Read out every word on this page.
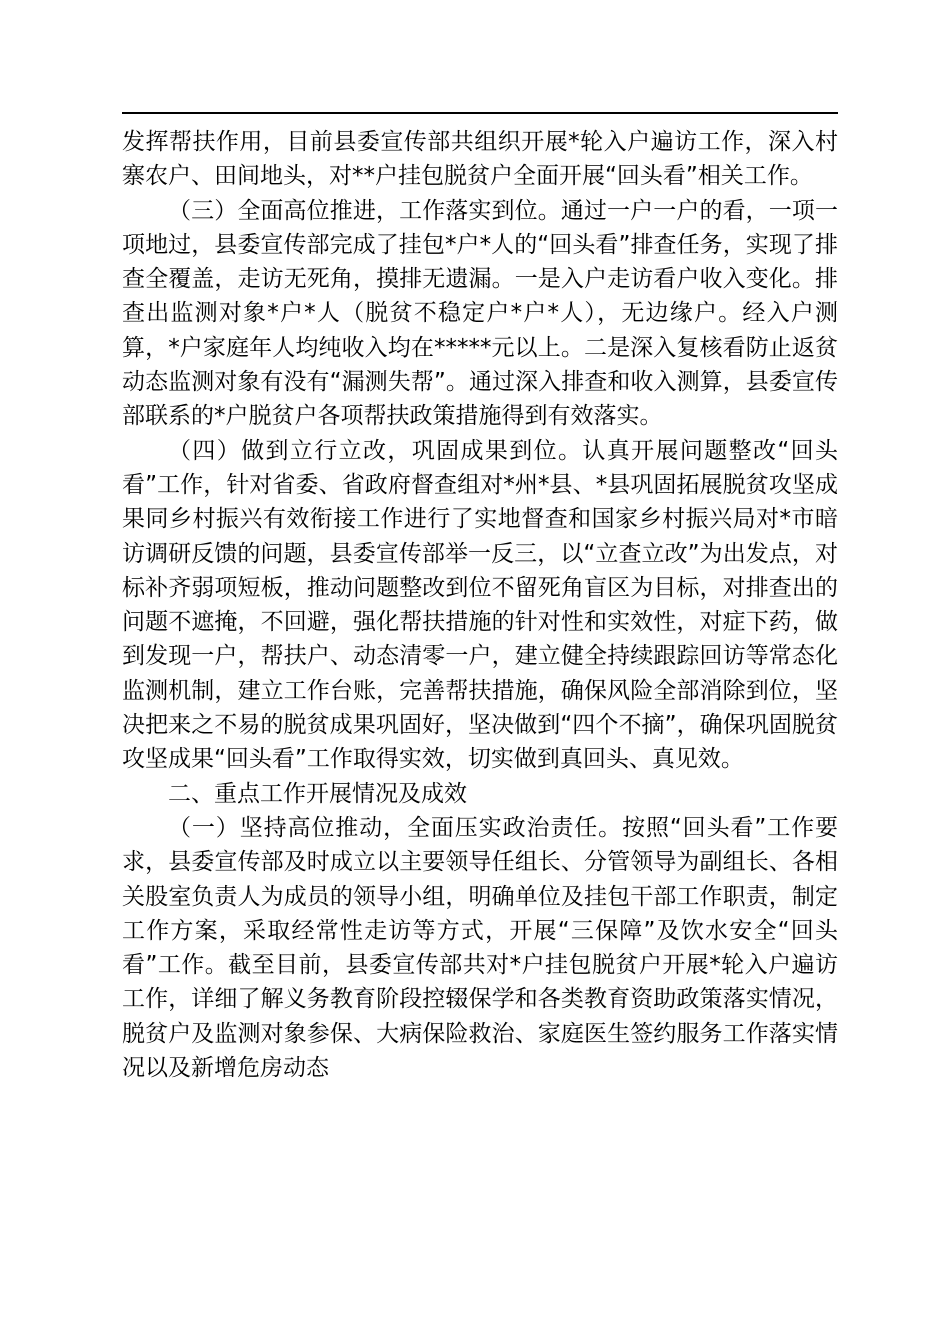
发挥帮扶作用，目前县委宣传部共组织开展*轮入户遍访工作，深入村寨农户、田间地头，对**户挂包脱贫户全面开展“回头看”相关工作。

（三）全面高位推进，工作落实到位。通过一户一户的看，一项一项地过，县委宣传部完成了挂包*户*人的“回头看”排查任务，实现了排查全覆盖，走访无死角，摸排无遗漏。一是入户走访看户收入变化。排查出监测对象*户*人（脱贫不稳定户*户*人），无边缘户。经入户测算，*户家庭年人均纯收入均在*****元以上。二是深入复核看防止返贫动态监测对象有没有“漏测失帮”。通过深入排查和收入测算，县委宣传部联系的*户脱贫户各项帮扶政策措施得到有效落实。

（四）做到立行立改，巩固成果到位。认真开展问题整改“回头看”工作，针对省委、省政府督查组对*州*县、*县巩固拓展脱贫攻坚成果同乡村振兴有效衔接工作进行了实地督查和国家乡村振兴局对*市暗访调研反馈的问题，县委宣传部举一反三，以“立查立改”为出发点，对标补齐弱项短板，推动问题整改到位不留死角盲区为目标，对排查出的问题不遮掩，不回避，强化帮扶措施的针对性和实效性，对症下药，做到发现一户，帮扶户、动态清零一户，建立健全持续跟踪回访等常态化监测机制，建立工作台账，完善帮扶措施，确保风险全部消除到位，坚决把来之不易的脱贫成果巩固好，坚决做到“四个不摘”，确保巩固脱贫攻坚成果“回头看”工作取得实效，切实做到真回头、真见效。

二、重点工作开展情况及成效

（一）坚持高位推动，全面压实政治责任。按照“回头看”工作要求，县委宣传部及时成立以主要领导任组长、分管领导为副组长、各相关股室负责人为成员的领导小组，明确单位及挂包干部工作职责，制定工作方案，采取经常性走访等方式，开展“三保障”及饮水安全“回头看”工作。截至目前，县委宣传部共对*户挂包脱贫户开展*轮入户遍访工作，详细了解义务教育阶段控辍保学和各类教育资助政策落实情况，脱贫户及监测对象参保、大病保险救治、家庭医生签约服务工作落实情况以及新增危房动态
